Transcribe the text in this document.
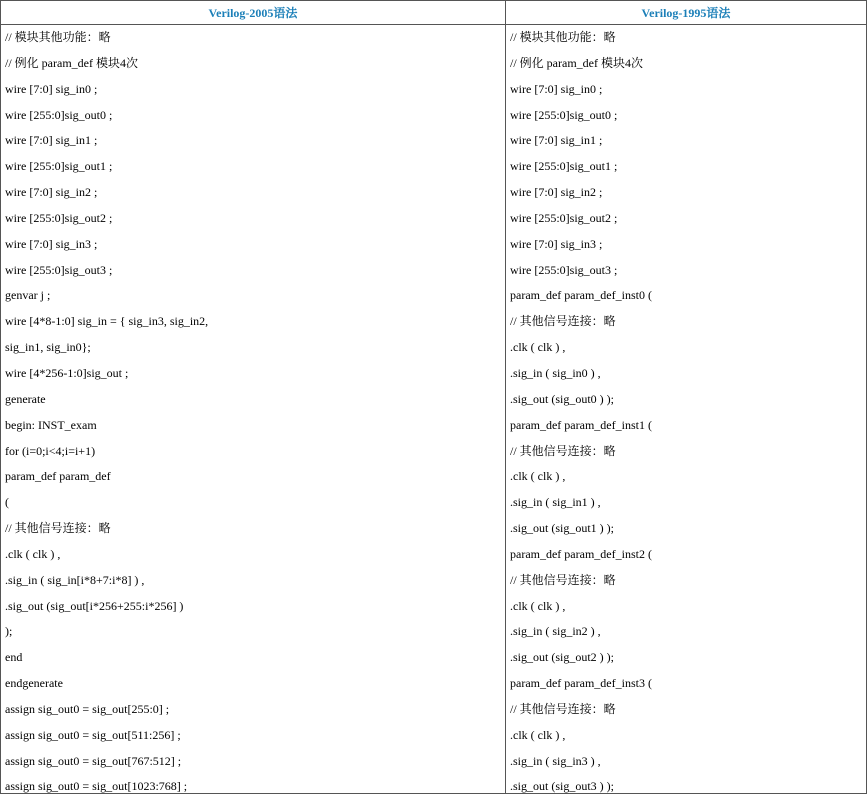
Verilog-2005语法	Verilog-1995语法
// 模块其他功能：略
// 例化 param_def 模块4次
wire [7:0] sig_in0 ;
wire [255:0]sig_out0 ;
wire [7:0] sig_in1 ;
wire [255:0]sig_out1 ;
wire [7:0] sig_in2 ;
wire [255:0]sig_out2 ;
wire [7:0] sig_in3 ;
wire [255:0]sig_out3 ;
genvar j ;
wire [4*8-1:0] sig_in = { sig_in3, sig_in2,
sig_in1, sig_in0};
wire [4*256-1:0]sig_out ;
generate
begin: INST_exam
for (i=0;i<4;i=i+1)
param_def param_def
(
// 其他信号连接：略
.clk ( clk ) ,
.sig_in ( sig_in[i*8+7:i*8] ) ,
.sig_out (sig_out[i*256+255:i*256] )
);
end
endgenerate
assign sig_out0 = sig_out[255:0] ;
assign sig_out0 = sig_out[511:256] ;
assign sig_out0 = sig_out[767:512] ;
assign sig_out0 = sig_out[1023:768] ;
// 模块其他功能：略
// 例化 param_def 模块4次
wire [7:0] sig_in0 ;
wire [255:0]sig_out0 ;
wire [7:0] sig_in1 ;
wire [255:0]sig_out1 ;
wire [7:0] sig_in2 ;
wire [255:0]sig_out2 ;
wire [7:0] sig_in3 ;
wire [255:0]sig_out3 ;
param_def param_def_inst0 (
// 其他信号连接：略
.clk ( clk ) ,
.sig_in ( sig_in0 ) ,
.sig_out (sig_out0 ) );
param_def param_def_inst1 (
// 其他信号连接：略
.clk ( clk ) ,
.sig_in ( sig_in1 ) ,
.sig_out (sig_out1 ) );
param_def param_def_inst2 (
// 其他信号连接：略
.clk ( clk ) ,
.sig_in ( sig_in2 ) ,
.sig_out (sig_out2 ) );
param_def param_def_inst3 (
// 其他信号连接：略
.clk ( clk ) ,
.sig_in ( sig_in3 ) ,
.sig_out (sig_out3 ) );
